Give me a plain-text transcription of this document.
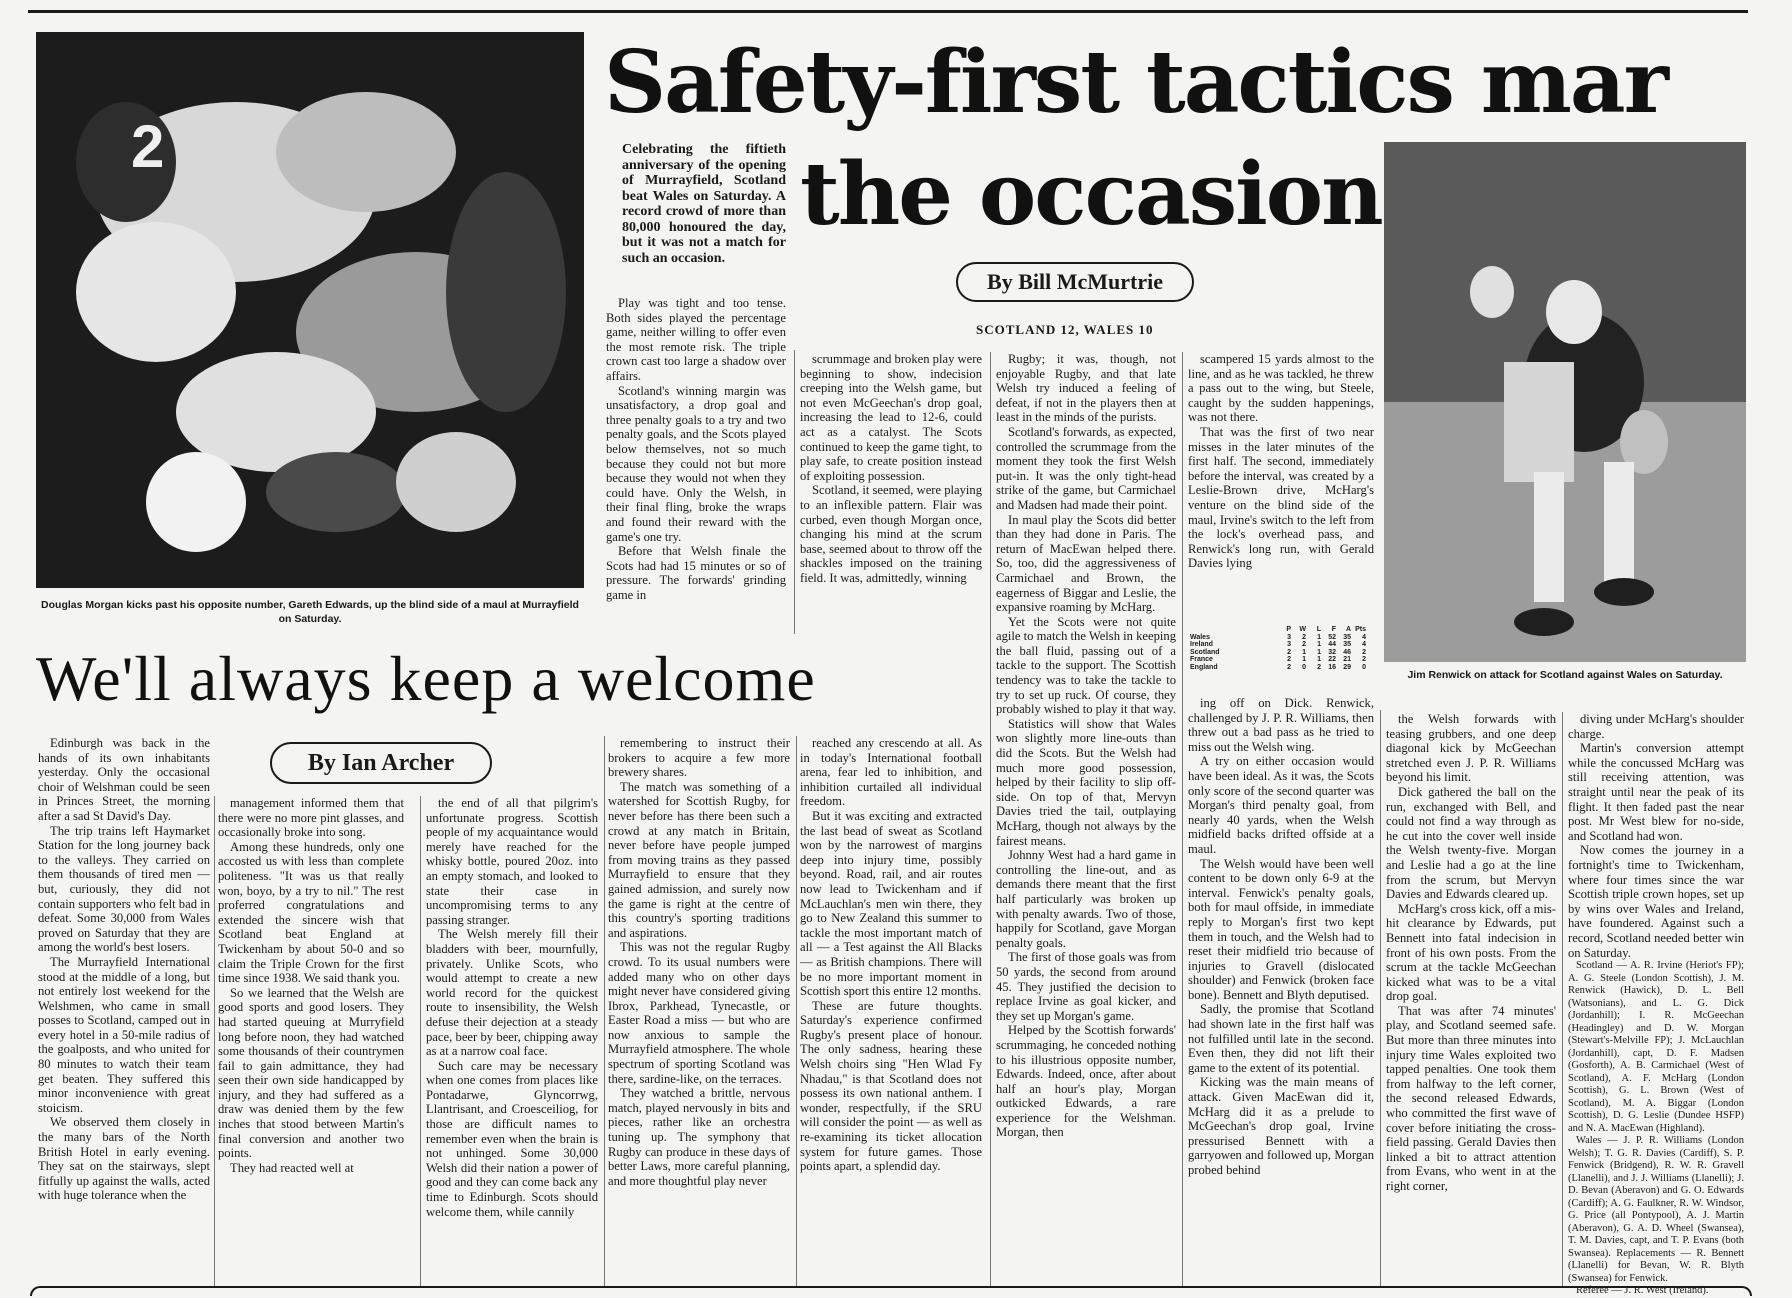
2
Douglas Morgan kicks past his opposite number, Gareth Edwards, up the blind side of a maul at Murrayfield on Saturday.
Safety-first tactics mar
the occasion
Celebrating the fiftieth anniversary of the opening of Murrayfield, Scotland beat Wales on Saturday. A record crowd of more than 80,000 honoured the day, but it was not a match for such an occasion.
By Bill McMurtrie
SCOTLAND 12, WALES 10
Jim Renwick on attack for Scotland against Wales on Saturday.

Play was tight and too tense. Both sides played the percentage game, neither willing to offer even the most remote risk. The triple crown cast too large a shadow over affairs.

Scotland's winning margin was unsatisfactory, a drop goal and three penalty goals to a try and two penalty goals, and the Scots played below themselves, not so much because they could not but more because they would not when they could have. Only the Welsh, in their final fling, broke the wraps and found their reward with the game's one try.

Before that Welsh finale the Scots had had 15 minutes or so of pressure. The forwards' grinding game in

scrummage and broken play were beginning to show, indecision creeping into the Welsh game, but not even McGeechan's drop goal, increasing the lead to 12-6, could act as a catalyst. The Scots continued to keep the game tight, to play safe, to create position instead of exploiting possession.

Scotland, it seemed, were playing to an inflexible pattern. Flair was curbed, even though Morgan once, changing his mind at the scrum base, seemed about to throw off the shackles imposed on the training field. It was, admittedly, winning

Rugby; it was, though, not enjoyable Rugby, and that late Welsh try induced a feeling of defeat, if not in the players then at least in the minds of the purists.

Scotland's forwards, as expected, controlled the scrummage from the moment they took the first Welsh put-in. It was the only tight-head strike of the game, but Carmichael and Madsen had made their point.

In maul play the Scots did better than they had done in Paris. The return of MacEwan helped there. So, too, did the aggressiveness of Carmichael and Brown, the eagerness of Biggar and Leslie, the expansive roaming by McHarg.

Yet the Scots were not quite agile to match the Welsh in keeping the ball fluid, passing out of a tackle to the support. The Scottish tendency was to take the tackle to try to set up ruck. Of course, they probably wished to play it that way.

Statistics will show that Wales won slightly more line-outs than did the Scots. But the Welsh had much more good possession, helped by their facility to slip off-side. On top of that, Mervyn Davies tried the tail, outplaying McHarg, though not always by the fairest means.

Johnny West had a hard game in controlling the line-out, and as demands there meant that the first half particularly was broken up with penalty awards. Two of those, happily for Scotland, gave Morgan penalty goals.

The first of those goals was from 50 yards, the second from around 45. They justified the decision to replace Irvine as goal kicker, and they set up Morgan's game.

Helped by the Scottish forwards' scrummaging, he conceded nothing to his illustrious opposite number, Edwards. Indeed, once, after about half an hour's play, Morgan outkicked Edwards, a rare experience for the Welshman. Morgan, then

scampered 15 yards almost to the line, and as he was tackled, he threw a pass out to the wing, but Steele, caught by the sudden happenings, was not there.

That was the first of two near misses in the later minutes of the first half. The second, immediately before the interval, was created by a Leslie-Brown drive, McHarg's venture on the blind side of the maul, Irvine's switch to the left from the lock's overhead pass, and Renwick's long run, with Gerald Davies lying

	P	W	L	F	A	Pts
Wales	3	2	1	52	35	4
Ireland	3	2	1	44	35	4
Scotland	2	1	1	32	46	2
France	2	1	1	22	21	2
England	2	0	2	16	29	0

ing off on Dick. Renwick, challenged by J. P. R. Williams, then threw out a bad pass as he tried to miss out the Welsh wing.

A try on either occasion would have been ideal. As it was, the Scots only score of the second quarter was Morgan's third penalty goal, from nearly 40 yards, when the Welsh midfield backs drifted offside at a maul.

The Welsh would have been well content to be down only 6-9 at the interval. Fenwick's penalty goals, both for maul offside, in immediate reply to Morgan's first two kept them in touch, and the Welsh had to reset their midfield trio because of injuries to Gravell (dislocated shoulder) and Fenwick (broken face bone). Bennett and Blyth deputised.

Sadly, the promise that Scotland had shown late in the first half was not fulfilled until late in the second. Even then, they did not lift their game to the extent of its potential.

Kicking was the main means of attack. Given MacEwan did it, McHarg did it as a prelude to McGeechan's drop goal, Irvine pressurised Bennett with a garryowen and followed up, Morgan probed behind

the Welsh forwards with teasing grubbers, and one deep diagonal kick by McGeechan stretched even J. P. R. Williams beyond his limit.

Dick gathered the ball on the run, exchanged with Bell, and could not find a way through as he cut into the cover well inside the Welsh twenty-five. Morgan and Leslie had a go at the line from the scrum, but Mervyn Davies and Edwards cleared up.

McHarg's cross kick, off a mis-hit clearance by Edwards, put Bennett into fatal indecision in front of his own posts. From the scrum at the tackle McGeechan kicked what was to be a vital drop goal.

That was after 74 minutes' play, and Scotland seemed safe. But more than three minutes into injury time Wales exploited two tapped penalties. One took them from halfway to the left corner, the second released Edwards, who committed the first wave of cover before initiating the cross-field passing. Gerald Davies then linked a bit to attract attention from Evans, who went in at the right corner,

diving under McHarg's shoulder charge.

Martin's conversion attempt while the concussed McHarg was still receiving attention, was straight until near the peak of its flight. It then faded past the near post. Mr West blew for no-side, and Scotland had won.

Now comes the journey in a fortnight's time to Twickenham, where four times since the war Scottish triple crown hopes, set up by wins over Wales and Ireland, have foundered. Against such a record, Scotland needed better win on Saturday.

Scotland — A. R. Irvine (Heriot's FP); A. G. Steele (London Scottish), J. M. Renwick (Hawick), D. L. Bell (Watsonians), and L. G. Dick (Jordanhill); I. R. McGeechan (Headingley) and D. W. Morgan (Stewart's-Melville FP); J. McLauchlan (Jordanhill), capt, D. F. Madsen (Gosforth), A. B. Carmichael (West of Scotland), A. F. McHarg (London Scottish), G. L. Brown (West of Scotland), M. A. Biggar (London Scottish), D. G. Leslie (Dundee HSFP) and N. A. MacEwan (Highland).

Wales — J. P. R. Williams (London Welsh); T. G. R. Davies (Cardiff), S. P. Fenwick (Bridgend), R. W. R. Gravell (Llanelli), and J. J. Williams (Llanelli); J. D. Bevan (Aberavon) and G. O. Edwards (Cardiff); A. G. Faulkner, R. W. Windsor, G. Price (all Pontypool), A. J. Martin (Aberavon), G. A. D. Wheel (Swansea), T. M. Davies, capt, and T. P. Evans (both Swansea). Replacements — R. Bennett (Llanelli) for Bevan, W. R. Blyth (Swansea) for Fenwick.

Referee — J. R. West (Ireland).

We'll always keep a welcome
By Ian Archer

Edinburgh was back in the hands of its own inhabitants yesterday. Only the occasional choir of Welshman could be seen in Princes Street, the morning after a sad St David's Day.

The trip trains left Haymarket Station for the long journey back to the valleys. They carried on them thousands of tired men — but, curiously, they did not contain supporters who felt bad in defeat. Some 30,000 from Wales proved on Saturday that they are among the world's best losers.

The Murrayfield International stood at the middle of a long, but not entirely lost weekend for the Welshmen, who came in small posses to Scotland, camped out in every hotel in a 50-mile radius of the goalposts, and who united for 80 minutes to watch their team get beaten. They suffered this minor inconvenience with great stoicism.

We observed them closely in the many bars of the North British Hotel in early evening. They sat on the stairways, slept fitfully up against the walls, acted with huge tolerance when the

management informed them that there were no more pint glasses, and occasionally broke into song.

Among these hundreds, only one accosted us with less than complete politeness. "It was us that really won, boyo, by a try to nil." The rest proferred congratulations and extended the sincere wish that Scotland beat England at Twickenham by about 50-0 and so claim the Triple Crown for the first time since 1938. We said thank you.

So we learned that the Welsh are good sports and good losers. They had started queuing at Murryfield long before noon, they had watched some thousands of their countrymen fail to gain admittance, they had seen their own side handicapped by injury, and they had suffered as a draw was denied them by the few inches that stood between Martin's final conversion and another two points.

They had reacted well at

the end of all that pilgrim's unfortunate progress. Scottish people of my acquaintance would merely have reached for the whisky bottle, poured 20oz. into an empty stomach, and looked to state their case in uncompromising terms to any passing stranger.

The Welsh merely fill their bladders with beer, mournfully, privately. Unlike Scots, who would attempt to create a new world record for the quickest route to insensibility, the Welsh defuse their dejection at a steady pace, beer by beer, chipping away as at a narrow coal face.

Such care may be necessary when one comes from places like Pontadarwe, Glyncorrwg, Llantrisant, and Croesceiliog, for those are difficult names to remember even when the brain is not unhinged. Some 30,000 Welsh did their nation a power of good and they can come back any time to Edinburgh. Scots should welcome them, while cannily

remembering to instruct their brokers to acquire a few more brewery shares.

The match was something of a watershed for Scottish Rugby, for never before has there been such a crowd at any match in Britain, never before have people jumped from moving trains as they passed Murrayfield to ensure that they gained admission, and surely now the game is right at the centre of this country's sporting traditions and aspirations.

This was not the regular Rugby crowd. To its usual numbers were added many who on other days might never have considered giving Ibrox, Parkhead, Tynecastle, or Easter Road a miss — but who are now anxious to sample the Murrayfield atmosphere. The whole spectrum of sporting Scotland was there, sardine-like, on the terraces.

They watched a brittle, nervous match, played nervously in bits and pieces, rather like an orchestra tuning up. The symphony that Rugby can produce in these days of better Laws, more careful planning, and more thoughtful play never

reached any crescendo at all. As in today's International football arena, fear led to inhibition, and inhibition curtailed all individual freedom.

But it was exciting and extracted the last bead of sweat as Scotland won by the narrowest of margins deep into injury time, possibly beyond. Road, rail, and air routes now lead to Twickenham and if McLauchlan's men win there, they go to New Zealand this summer to tackle the most important match of all — a Test against the All Blacks — as British champions. There will be no more important moment in Scottish sport this entire 12 months.

These are future thoughts. Saturday's experience confirmed Rugby's present place of honour. The only sadness, hearing these Welsh choirs sing "Hen Wlad Fy Nhadau," is that Scotland does not possess its own national anthem. I wonder, respectfully, if the SRU will consider the point — as well as re-examining its ticket allocation system for future games. Those points apart, a splendid day.
